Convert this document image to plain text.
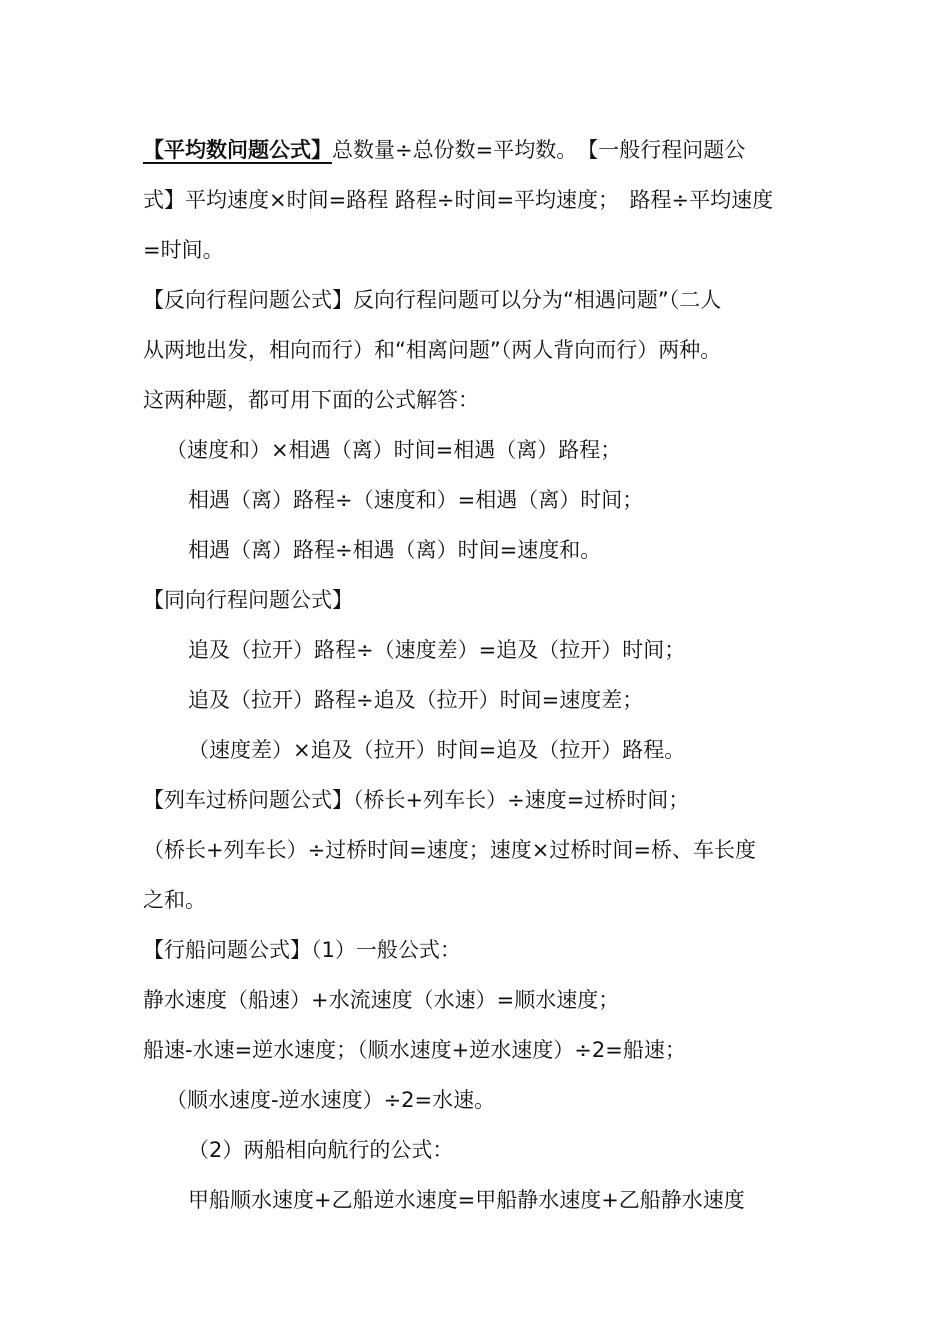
【平均数问题公式】总数量÷总份数=平均数。　【一般行程问题公
式】平均速度×时间=路程 路程÷时间=平均速度；　路程÷平均速度
=时间。
【反向行程问题公式】反向行程问题可以分为“相遇问题”（二人
从两地出发，相向而行）和“相离问题”（两人背向而行）两种。
这两种题，都可用下面的公式解答：
（速度和）×相遇（离）时间=相遇（离）路程；
相遇（离）路程÷（速度和）=相遇（离）时间；
相遇（离）路程÷相遇（离）时间=速度和。
【同向行程问题公式】
追及（拉开）路程÷（速度差）=追及（拉开）时间；
追及（拉开）路程÷追及（拉开）时间=速度差；
（速度差）×追及（拉开）时间=追及（拉开）路程。
【列车过桥问题公式】（桥长+列车长）÷速度=过桥时间；
（桥长+列车长）÷过桥时间=速度；速度×过桥时间=桥、车长度
之和。
【行船问题公式】（1）一般公式：
静水速度（船速）+水流速度（水速）=顺水速度；
船速-水速=逆水速度；（顺水速度+逆水速度）÷2=船速；
（顺水速度-逆水速度）÷2=水速。
（2）两船相向航行的公式：
甲船顺水速度+乙船逆水速度=甲船静水速度+乙船静水速度
